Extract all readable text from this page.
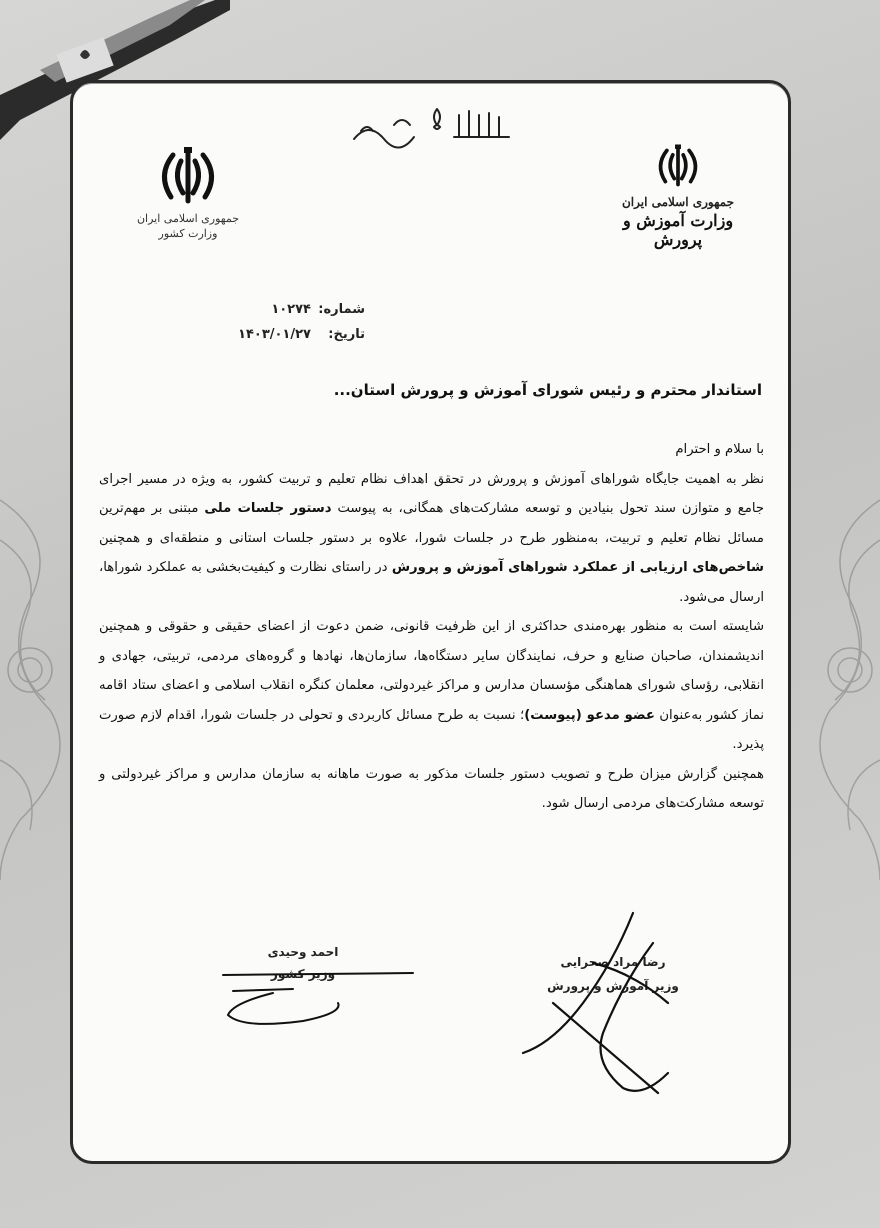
جمهوری اسلامی ایران
وزارت کشور
جمهوری اسلامی ایران
وزارت آموزش و پرورش
شماره:
۱۰۲۷۴
تاریخ:
۱۴۰۳/۰۱/۲۷
استاندار محترم و رئیس شورای آموزش و پرورش استان...

با سلام و احترام

نظر به اهمیت جایگاه شوراهای آموزش و پرورش در تحقق اهداف نظام تعلیم و تربیت کشور، به ویژه در مسیر اجرای جامع و متوازن سند تحول بنیادین و توسعه مشارکت‌های همگانی، به پیوست دستور جلسات ملی مبتنی بر مهم‌ترین مسائل نظام تعلیم و تربیت، به‌منظور طرح در جلسات شورا، علاوه بر دستور جلسات استانی و منطقه‌ای و همچنین شاخص‌های ارزیابی از عملکرد شوراهای آموزش و پرورش در راستای نظارت و کیفیت‌بخشی به عملکرد شوراها، ارسال می‌شود.

شایسته است به منظور بهره‌مندی حداکثری از این ظرفیت قانونی، ضمن دعوت از اعضای حقیقی و حقوقی و همچنین اندیشمندان، صاحبان صنایع و حرف، نمایندگان سایر دستگاه‌ها، سازمان‌ها، نهادها و گروه‌های مردمی، تربیتی، جهادی و انقلابی، رؤسای شورای هماهنگی مؤسسان مدارس و مراکز غیردولتی، معلمان کنگره انقلاب اسلامی و اعضای ستاد اقامه نماز کشور به‌عنوان عضو مدعو (پیوست)؛ نسبت به طرح مسائل کاربردی و تحولی در جلسات شورا، اقدام لازم صورت پذیرد.

همچنین گزارش میزان طرح و تصویب دستور جلسات مذکور به صورت ماهانه به سازمان مدارس و مراکز غیردولتی و توسعه مشارکت‌های مردمی ارسال شود.

احمد وحیدی
وزیر کشور
رضا مراد صحرایی
وزیر آموزش و پرورش
